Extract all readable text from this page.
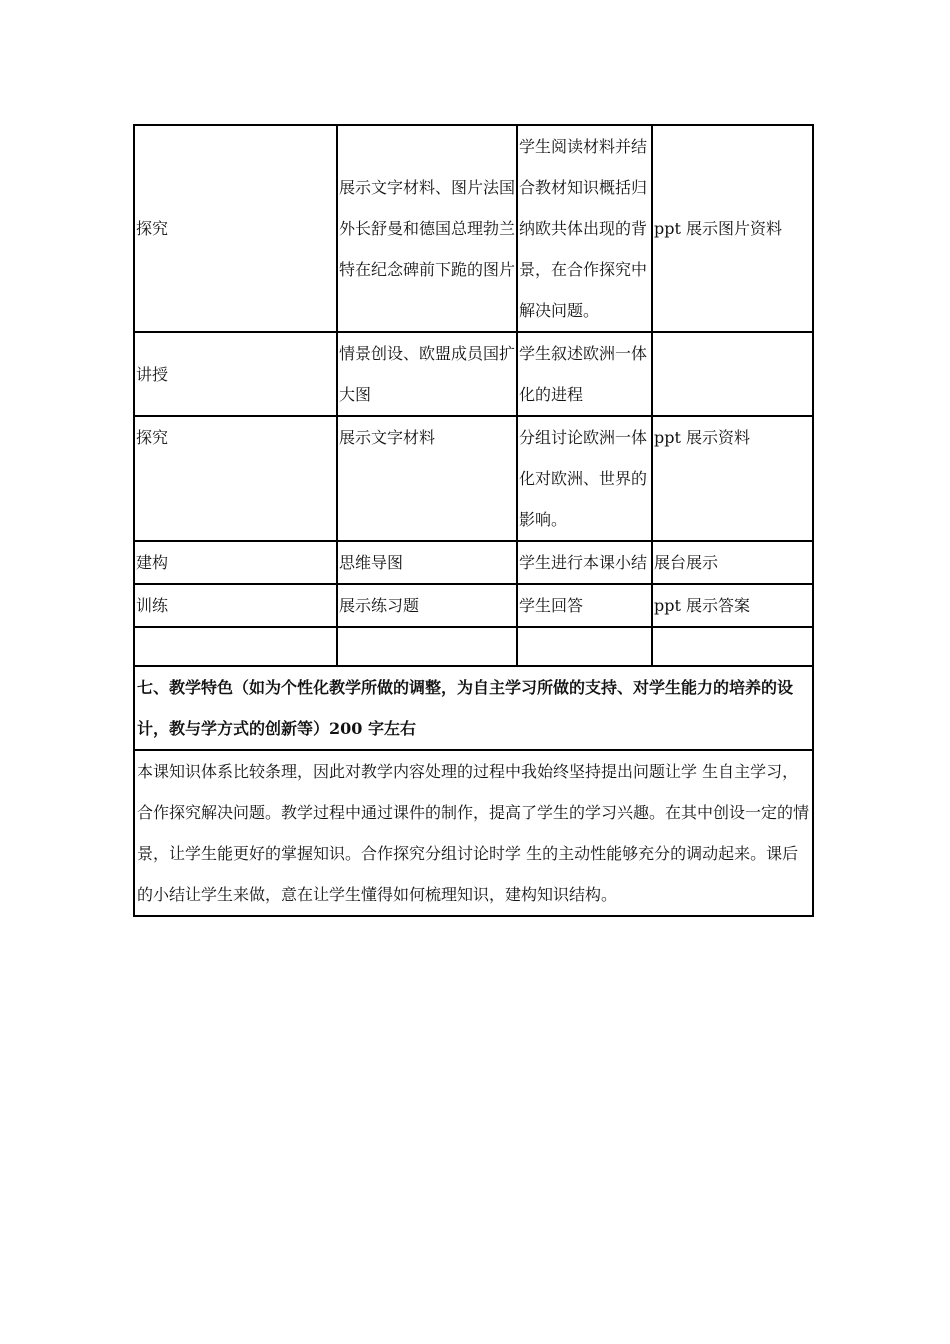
探究	展示文字材料、图片法国外长舒曼和德国总理勃兰特在纪念碑前下跪的图片	学生阅读材料并结合教材知识概括归纳欧共体出现的背景，在合作探究中解决问题。	ppt 展示图片资料
讲授	情景创设、欧盟成员国扩大图	学生叙述欧洲一体化的进程	
探究	展示文字材料	分组讨论欧洲一体化对欧洲、世界的影响。	ppt 展示资料
建构	思维导图	学生进行本课小结	展台展示
训练	展示练习题	学生回答	ppt 展示答案

七、教学特色（如为个性化教学所做的调整，为自主学习所做的支持、对学生能力的培养的设计，教与学方式的创新等）200 字左右			
本课知识体系比较条理，因此对教学内容处理的过程中我始终坚持提出问题让学 生自主学习，合作探究解决问题。教学过程中通过课件的制作，提高了学生的学习兴趣。在其中创设一定的情景，让学生能更好的掌握知识。合作探究分组讨论时学 生的主动性能够充分的调动起来。课后的小结让学生来做，意在让学生懂得如何梳理知识，建构知识结构。			
